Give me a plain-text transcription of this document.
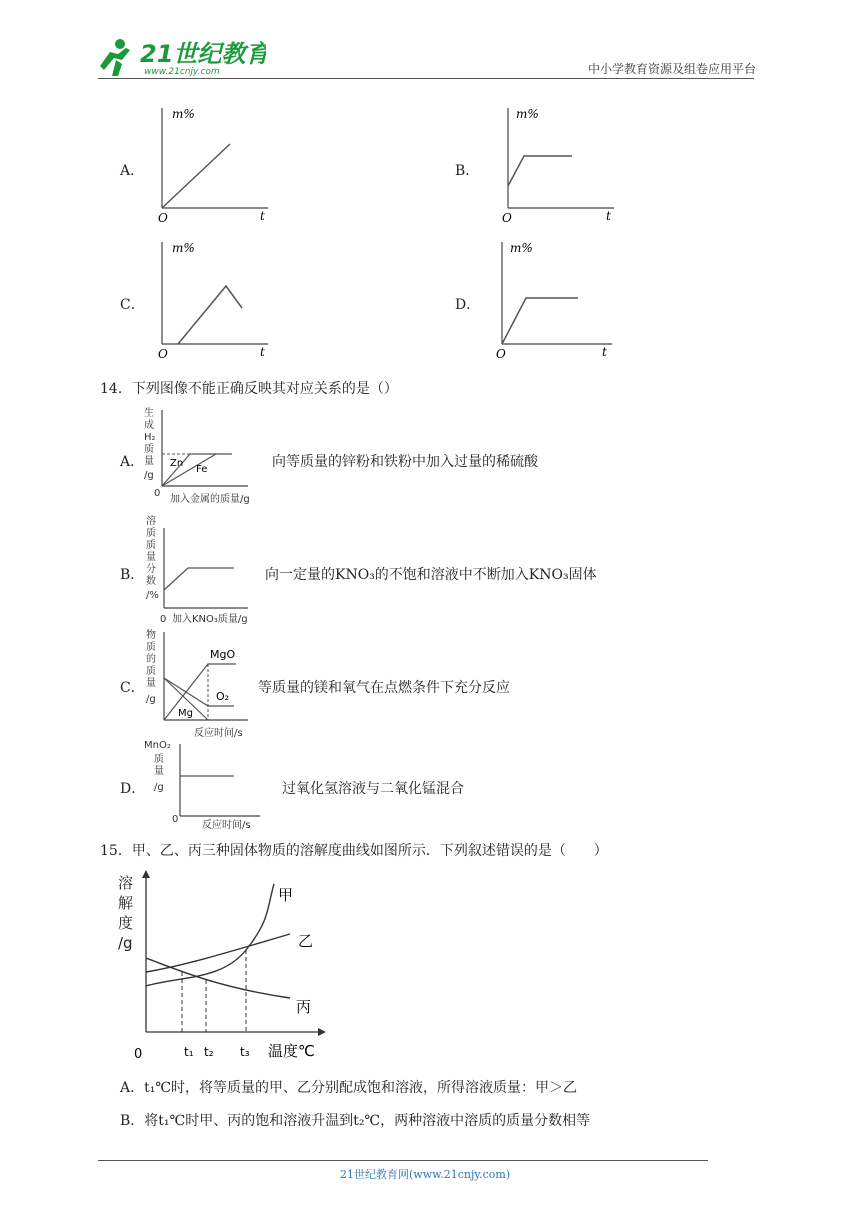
21世纪教育
www.21cnjy.com	中小学教育资源及组卷应用平台
A．
m%
O	t
B．
m%
O	t
C．
m%
O	t
D．
m%
O	t
14．下列图像不能正确反映其对应关系的是（）
A．
生
成
H₂
质
量
/g
0
加入金属的质量/g
Zn
Fe	向等质量的锌粉和铁粉中加入过量的稀硫酸
B．
溶
质
质
量
分
数
/%
0 加入KNO₃质量/g
向一定量的KNO₃的不饱和溶液中不断加入KNO₃固体
C．
物
质
的
质
量
/g
反应时间/s
MgO
O₂
Mg
等质量的镁和氧气在点燃条件下充分反应
D．
MnO₂
质
量
/g
0
反应时间/s
过氧化氢溶液与二氧化锰混合
15．甲、乙、丙三种固体物质的溶解度曲线如图所示．下列叙述错误的是（　　）
溶
解
度
/g
0	t₁ t₂ t₃ 温度℃
甲
乙
丙
A．t₁℃时，将等质量的甲、乙分别配成饱和溶液，所得溶液质量：甲＞乙
B．将t₁℃时甲、丙的饱和溶液升温到t₂℃，两种溶液中溶质的质量分数相等
21世纪教育网(www.21cnjy.com)
